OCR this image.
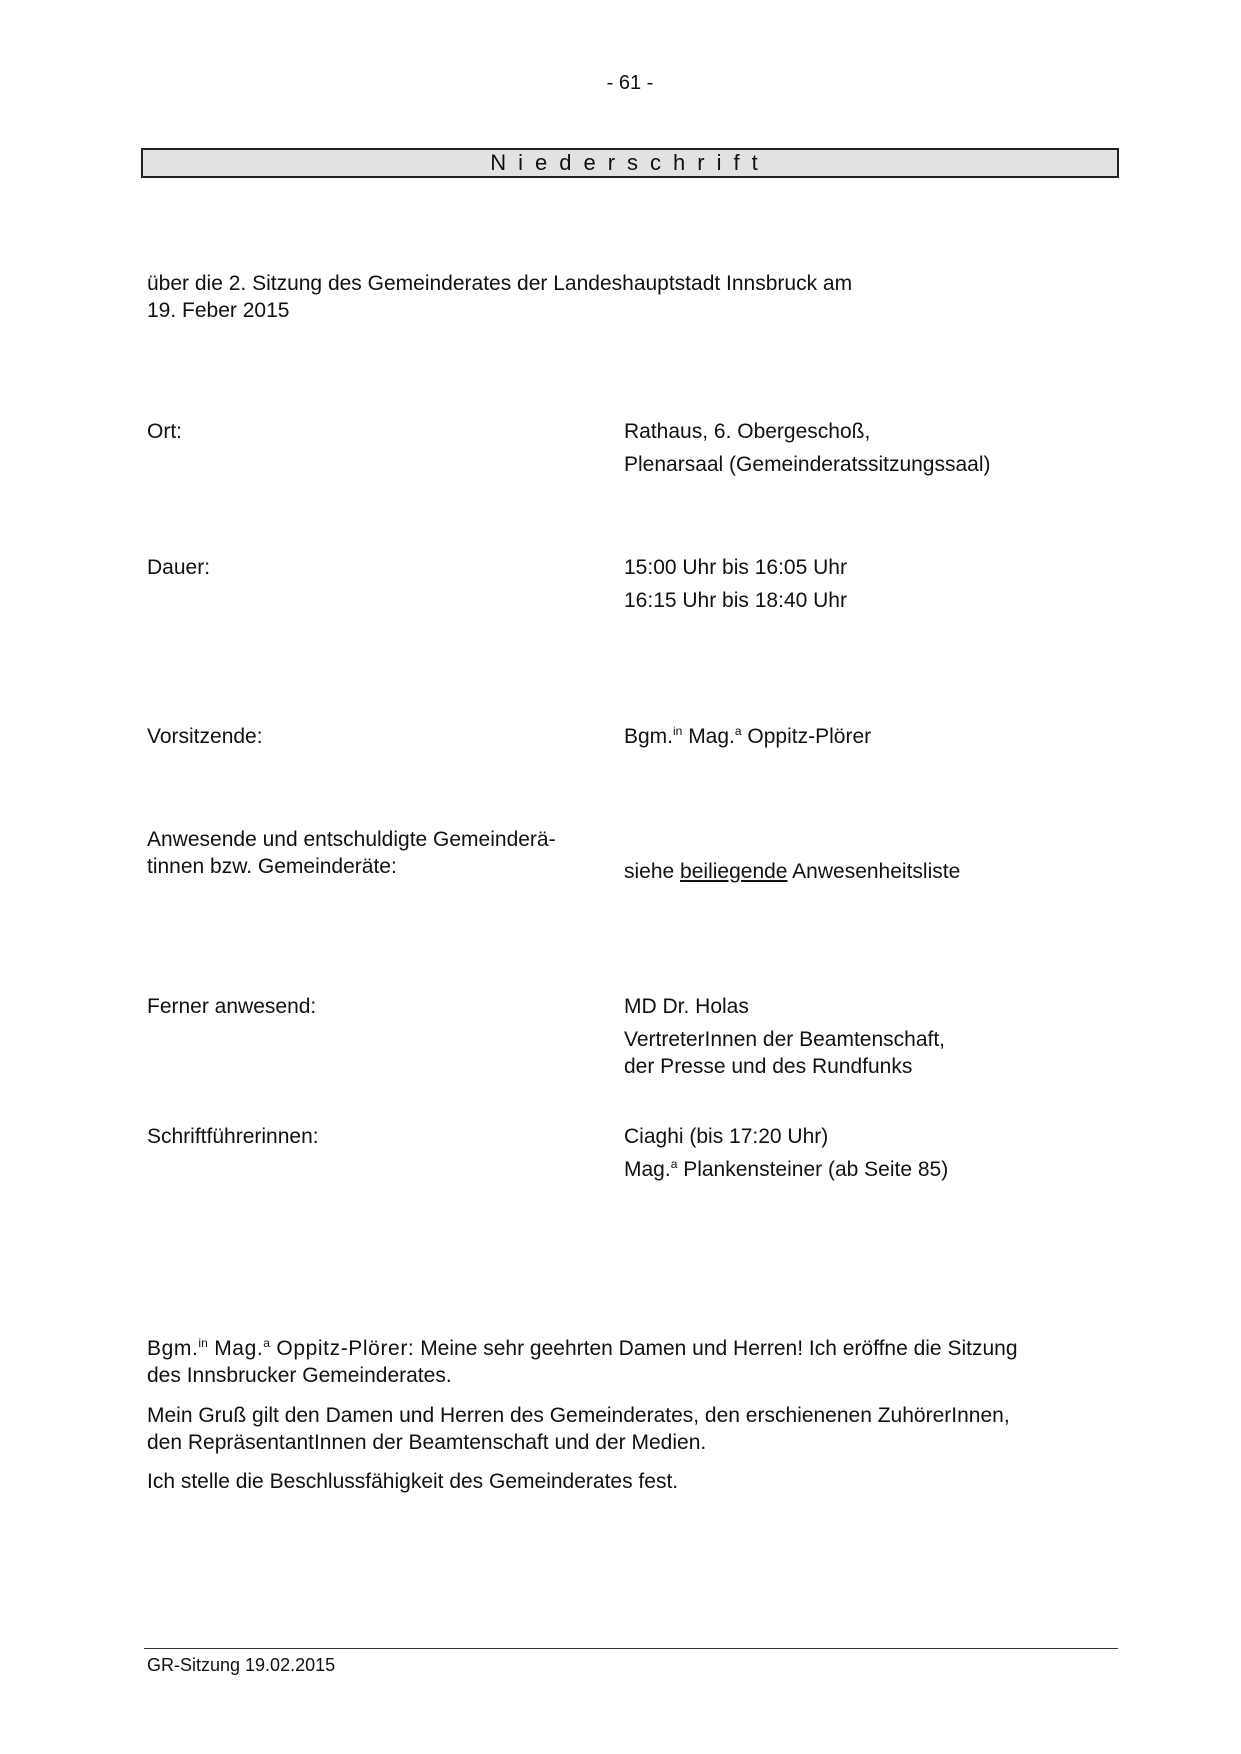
- 61 -
Niederschrift
über die 2. Sitzung des Gemeinderates der Landeshauptstadt Innsbruck am
19. Feber 2015
Ort:	Rathaus, 6. Obergeschoß,
Plenarsaal (Gemeinderatssitzungssaal)
Dauer:	15:00 Uhr bis 16:05 Uhr
16:15 Uhr bis 18:40 Uhr
Vorsitzende:	Bgm.$^{in}$ Mag.$^a$ Oppitz-Plörer
Anwesende und entschuldigte Gemeinderä-
tinnen bzw. Gemeinderäte:	siehe beiliegende Anwesenheitsliste
Ferner anwesend:	MD Dr. Holas
VertreterInnen der Beamtenschaft,
der Presse und des Rundfunks
Schriftführerinnen:	Ciaghi (bis 17:20 Uhr)
Mag.$^a$ Plankensteiner (ab Seite 85)
Bgm.$^{in}$ Mag.$^a$ Oppitz-Plörer: Meine sehr geehrten Damen und Herren! Ich eröffne die Sitzung
des Innsbrucker Gemeinderates.
Mein Gruß gilt den Damen und Herren des Gemeinderates, den erschienenen ZuhörerInnen,
den RepräsentantInnen der Beamtenschaft und der Medien.
Ich stelle die Beschlussfähigkeit des Gemeinderates fest.
GR-Sitzung 19.02.2015
